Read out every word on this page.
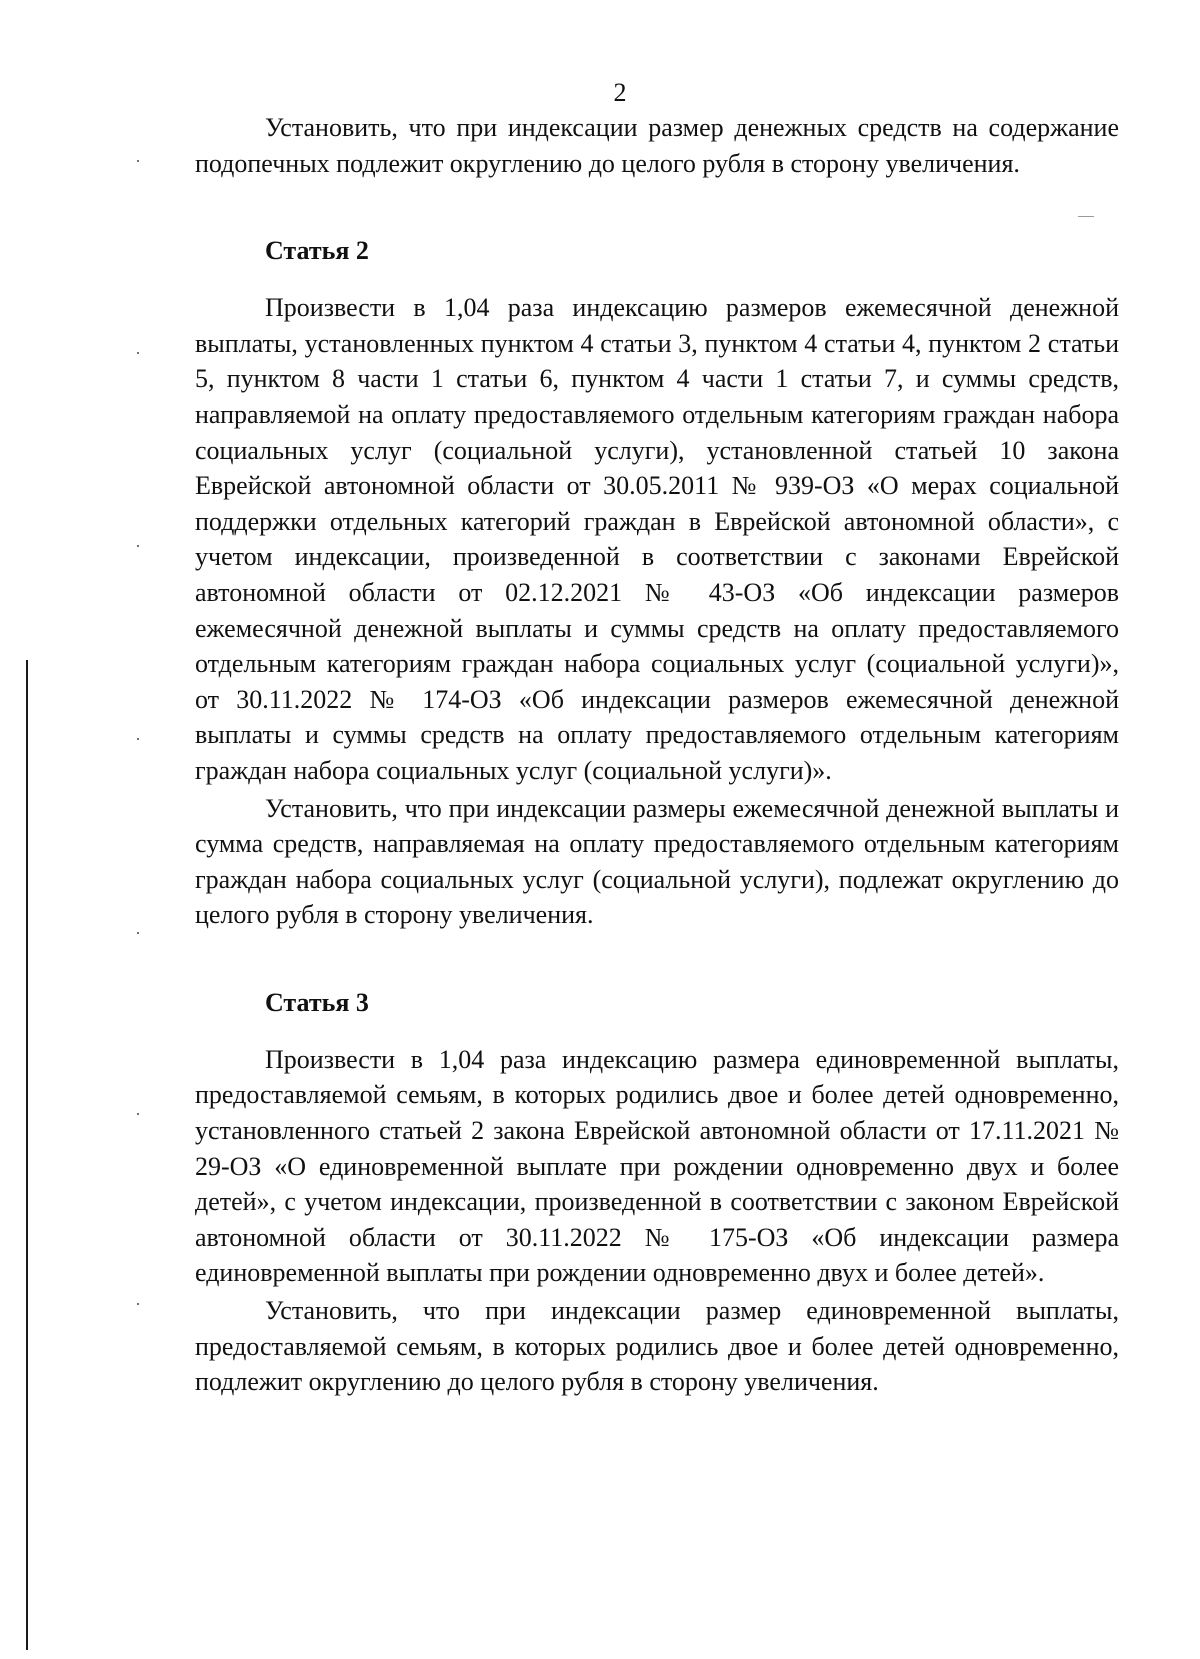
2

Установить, что при индексации размер денежных средств на содержание подопечных подлежит округлению до целого рубля в сторону увеличения.

Статья 2

Произвести в 1,04 раза индексацию размеров ежемесячной денежной выплаты, установленных пунктом 4 статьи 3, пунктом 4 статьи 4, пунктом 2 статьи 5, пунктом 8 части 1 статьи 6, пунктом 4 части 1 статьи 7, и суммы средств, направляемой на оплату предоставляемого отдельным категориям граждан набора социальных услуг (социальной услуги), установленной статьей 10 закона Еврейской автономной области от 30.05.2011 № 939-ОЗ «О мерах социальной поддержки отдельных категорий граждан в Еврейской автономной области», с учетом индексации, произведенной в соответствии с законами Еврейской автономной области от 02.12.2021 № 43-ОЗ «Об индексации размеров ежемесячной денежной выплаты и суммы средств на оплату предоставляемого отдельным категориям граждан набора социальных услуг (социальной услуги)», от 30.11.2022 № 174-ОЗ «Об индексации размеров ежемесячной денежной выплаты и суммы средств на оплату предоставляемого отдельным категориям граждан набора социальных услуг (социальной услуги)».

Установить, что при индексации размеры ежемесячной денежной выплаты и сумма средств, направляемая на оплату предоставляемого отдельным категориям граждан набора социальных услуг (социальной услуги), подлежат округлению до целого рубля в сторону увеличения.

Статья 3

Произвести в 1,04 раза индексацию размера единовременной выплаты, предоставляемой семьям, в которых родились двое и более детей одновременно, установленного статьей 2 закона Еврейской автономной области от 17.11.2021 № 29-ОЗ «О единовременной выплате при рождении одновременно двух и более детей», с учетом индексации, произведенной в соответствии с законом Еврейской автономной области от 30.11.2022 № 175-ОЗ «Об индексации размера единовременной выплаты при рождении одновременно двух и более детей».

Установить, что при индексации размер единовременной выплаты, предоставляемой семьям, в которых родились двое и более детей одновременно, подлежит округлению до целого рубля в сторону увеличения.
